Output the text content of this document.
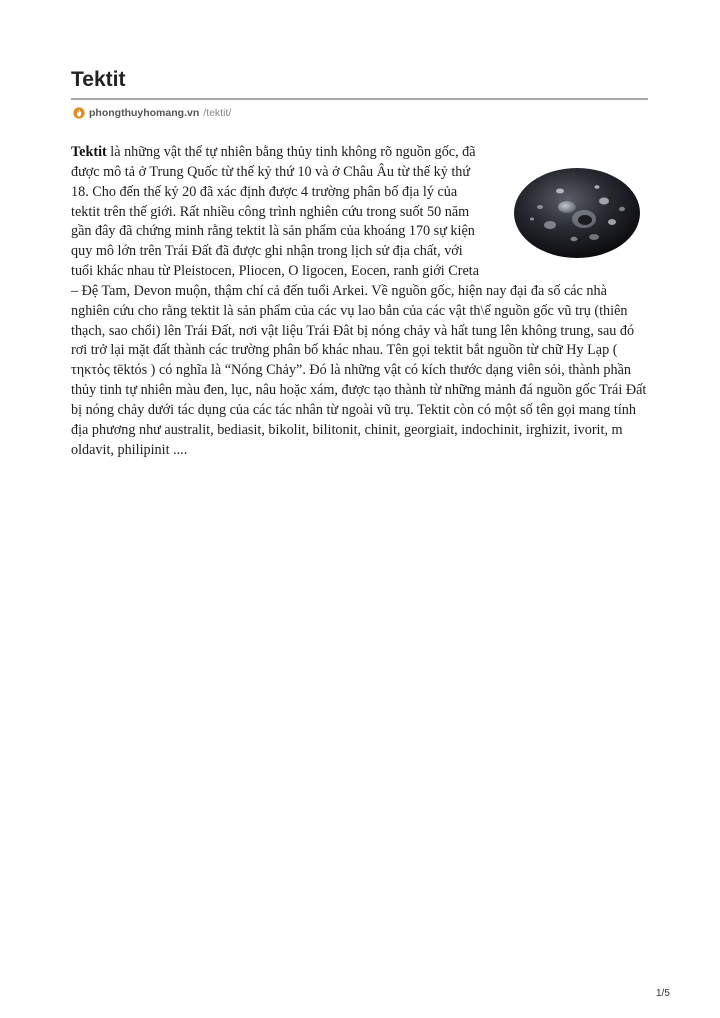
Tektit
phongthuyhomang.vn /tektit/
Tektit là những vật thể tự nhiên bằng thủy tinh không rõ nguồn gốc, đã được mô tả ở Trung Quốc từ thế kỷ thứ 10 và ở Châu Âu từ thế kỷ thứ 18. Cho đến thế kỷ 20 đã xác định được 4 trường phân bố địa lý của tektit trên thế giới. Rất nhiều công trình nghiên cứu trong suốt 50 năm gần đây đã chứng minh rằng tektit là sản phẩm của khoáng 170 sự kiện quy mô lớn trên Trái Đất đã được ghi nhận trong lịch sử địa chất, với tuổi khác nhau từ Pleistocen, Pliocen, O ligocen, Eocen, ranh giới Creta – Đệ Tam, Devon muộn, thậm chí cả đến tuổi Arkei. Về nguồn gốc, hiện nay đại đa số các nhà nghiên cứu cho rằng tektit là sản phẩm của các vụ lao bắn của các vật th\ể nguồn gốc vũ trụ (thiên thạch, sao chổi) lên Trái Đất, nơi vật liệu Trái Đât bị nóng chảy và hất tung lên không trung, sau đó rơi trở lại mặt đất thành các trường phân bố khác nhau. Tên gọi tektit bắt nguồn từ chữ Hy Lạp ( τηκτὀς tēktós ) có nghĩa là “Nóng Chảy”. Đó là những vật có kích thước dạng viên sỏi, thành phần thủy tinh tự nhiên màu đen, lục, nâu hoặc xám, được tạo thành từ những mảnh đá nguồn gốc Trái Đất bị nóng chảy dưới tác dụng của các tác nhân từ ngoài vũ trụ. Tektit còn có một số tên gọi mang tính địa phương như australit, bediasit, bikolit, bilitonit, chinit, georgiait, indochinit, irghizit, ivorit, m oldavit, philipinit ....
1/5
